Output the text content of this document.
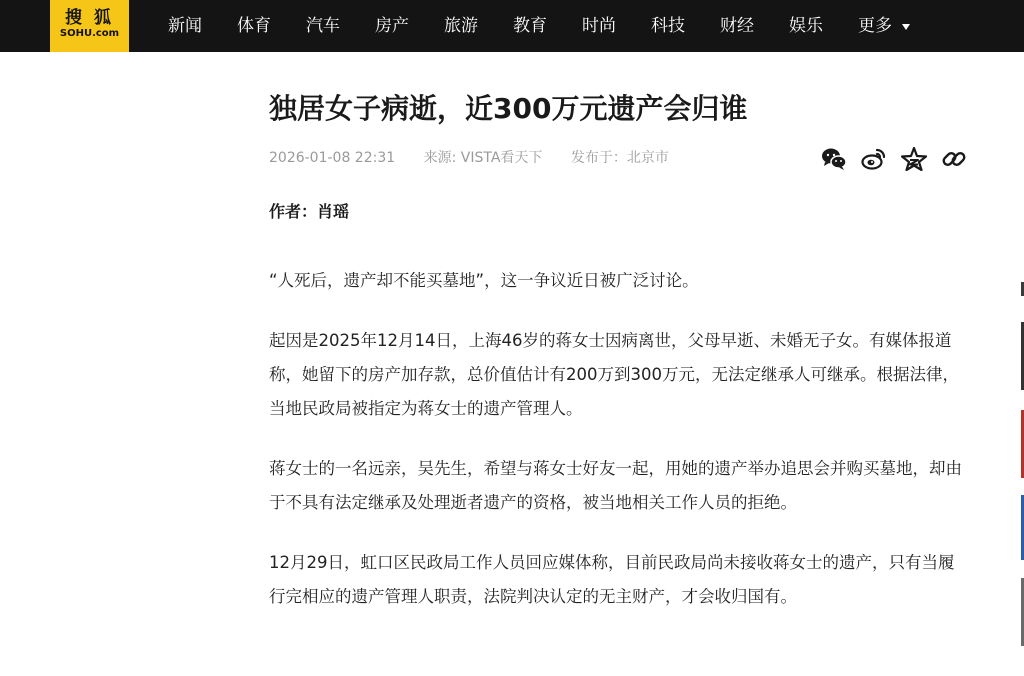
搜 狐
SOHU.com	新闻 体育 汽车 房产 旅游 教育 时尚 科技 财经 娱乐 更多
独居女子病逝，近300万元遗产会归谁
2026-01-08 22:31 来源: VISTA看天下 发布于：北京市
作者：肖瑶

“人死后，遗产却不能买墓地”，这一争议近日被广泛讨论。

起因是2025年12月14日，上海46岁的蒋女士因病离世，父母早逝、未婚无子女。有媒体报道称，她留下的房产加存款，总价值估计有200万到300万元，无法定继承人可继承。根据法律，当地民政局被指定为蒋女士的遗产管理人。

蒋女士的一名远亲，吴先生，希望与蒋女士好友一起，用她的遗产举办追思会并购买墓地，却由于不具有法定继承及处理逝者遗产的资格，被当地相关工作人员的拒绝。

12月29日，虹口区民政局工作人员回应媒体称，目前民政局尚未接收蒋女士的遗产，只有当履行完相应的遗产管理人职责，法院判决认定的无主财产，才会收归国有。
